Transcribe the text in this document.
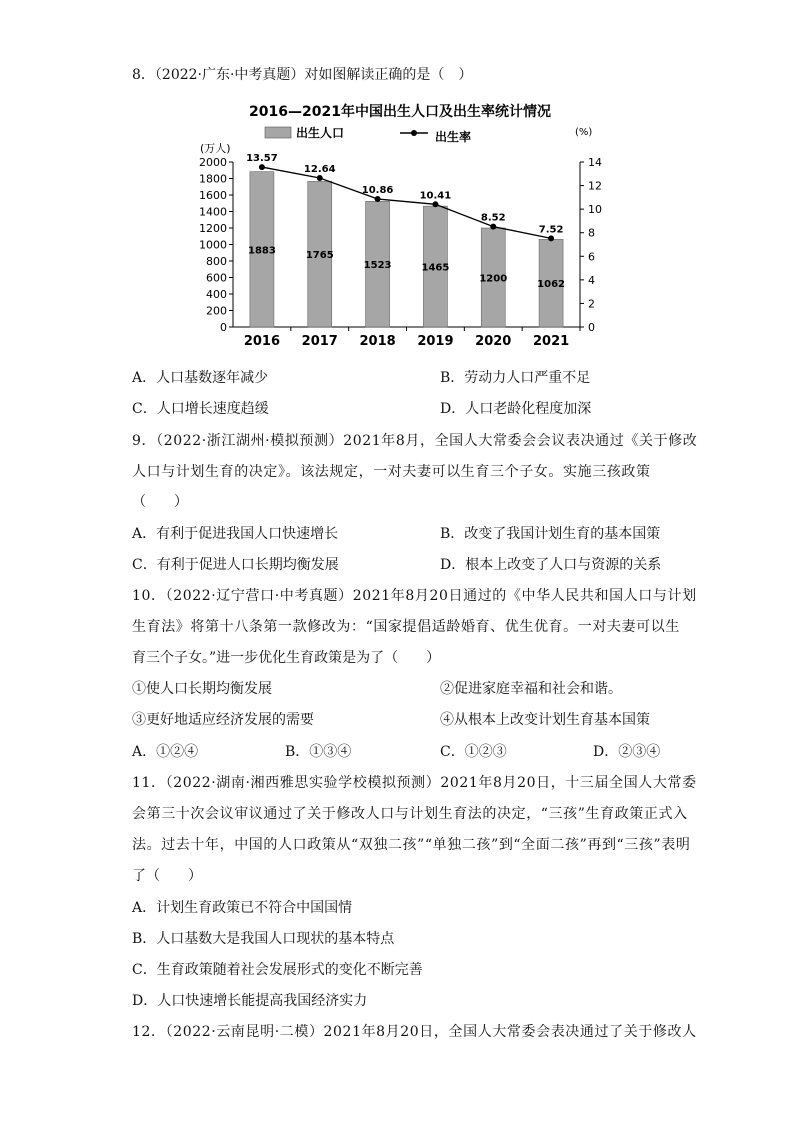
8．（2022·广东·中考真题）对如图解读正确的是（　）
2016—2021年中国出生人口及出生率统计情况
出生人口	出生率
(万人)
(%)
0
200
400
600
800
1000
1200
1400
1600
1800
2000
0
2
4
6
8
10
12
14
2016 2017 2018 2019 2020 2021
1883	1765
1523	1465
1200
1062
13.57
12.64
10.86	10.41
8.52
7.52
A．人口基数逐年减少	B．劳动力人口严重不足
C．人口增长速度趋缓	D．人口老龄化程度加深
9．（2022·浙江湖州·模拟预测）2021年8月，全国人大常委会会议表决通过《关于修改
人口与计划生育的决定》。该法规定，一对夫妻可以生育三个子女。实施三孩政策
（　　）
A．有利于促进我国人口快速增长	B．改变了我国计划生育的基本国策
C．有利于促进人口长期均衡发展	D．根本上改变了人口与资源的关系
10．（2022·辽宁营口·中考真题）2021年8月20日通过的《中华人民共和国人口与计划
生育法》将第十八条第一款修改为：“国家提倡适龄婚育、优生优育。一对夫妻可以生
育三个子女。”进一步优化生育政策是为了（　　）
①使人口长期均衡发展	②促进家庭幸福和社会和谐。
③更好地适应经济发展的需要	④从根本上改变计划生育基本国策
A．①②④	B．①③④	C．①②③	D．②③④
11．（2022·湖南·湘西雅思实验学校模拟预测）2021年8月20日，十三届全国人大常委
会第三十次会议审议通过了关于修改人口与计划生育法的决定，“三孩”生育政策正式入
法。过去十年，中国的人口政策从“双独二孩”“单独二孩”到“全面二孩”再到“三孩”表明
了（　　）
A．计划生育政策已不符合中国国情
B．人口基数大是我国人口现状的基本特点
C．生育政策随着社会发展形式的变化不断完善
D．人口快速增长能提高我国经济实力
12．（2022·云南昆明·二模）2021年8月20日，全国人大常委会表决通过了关于修改人
